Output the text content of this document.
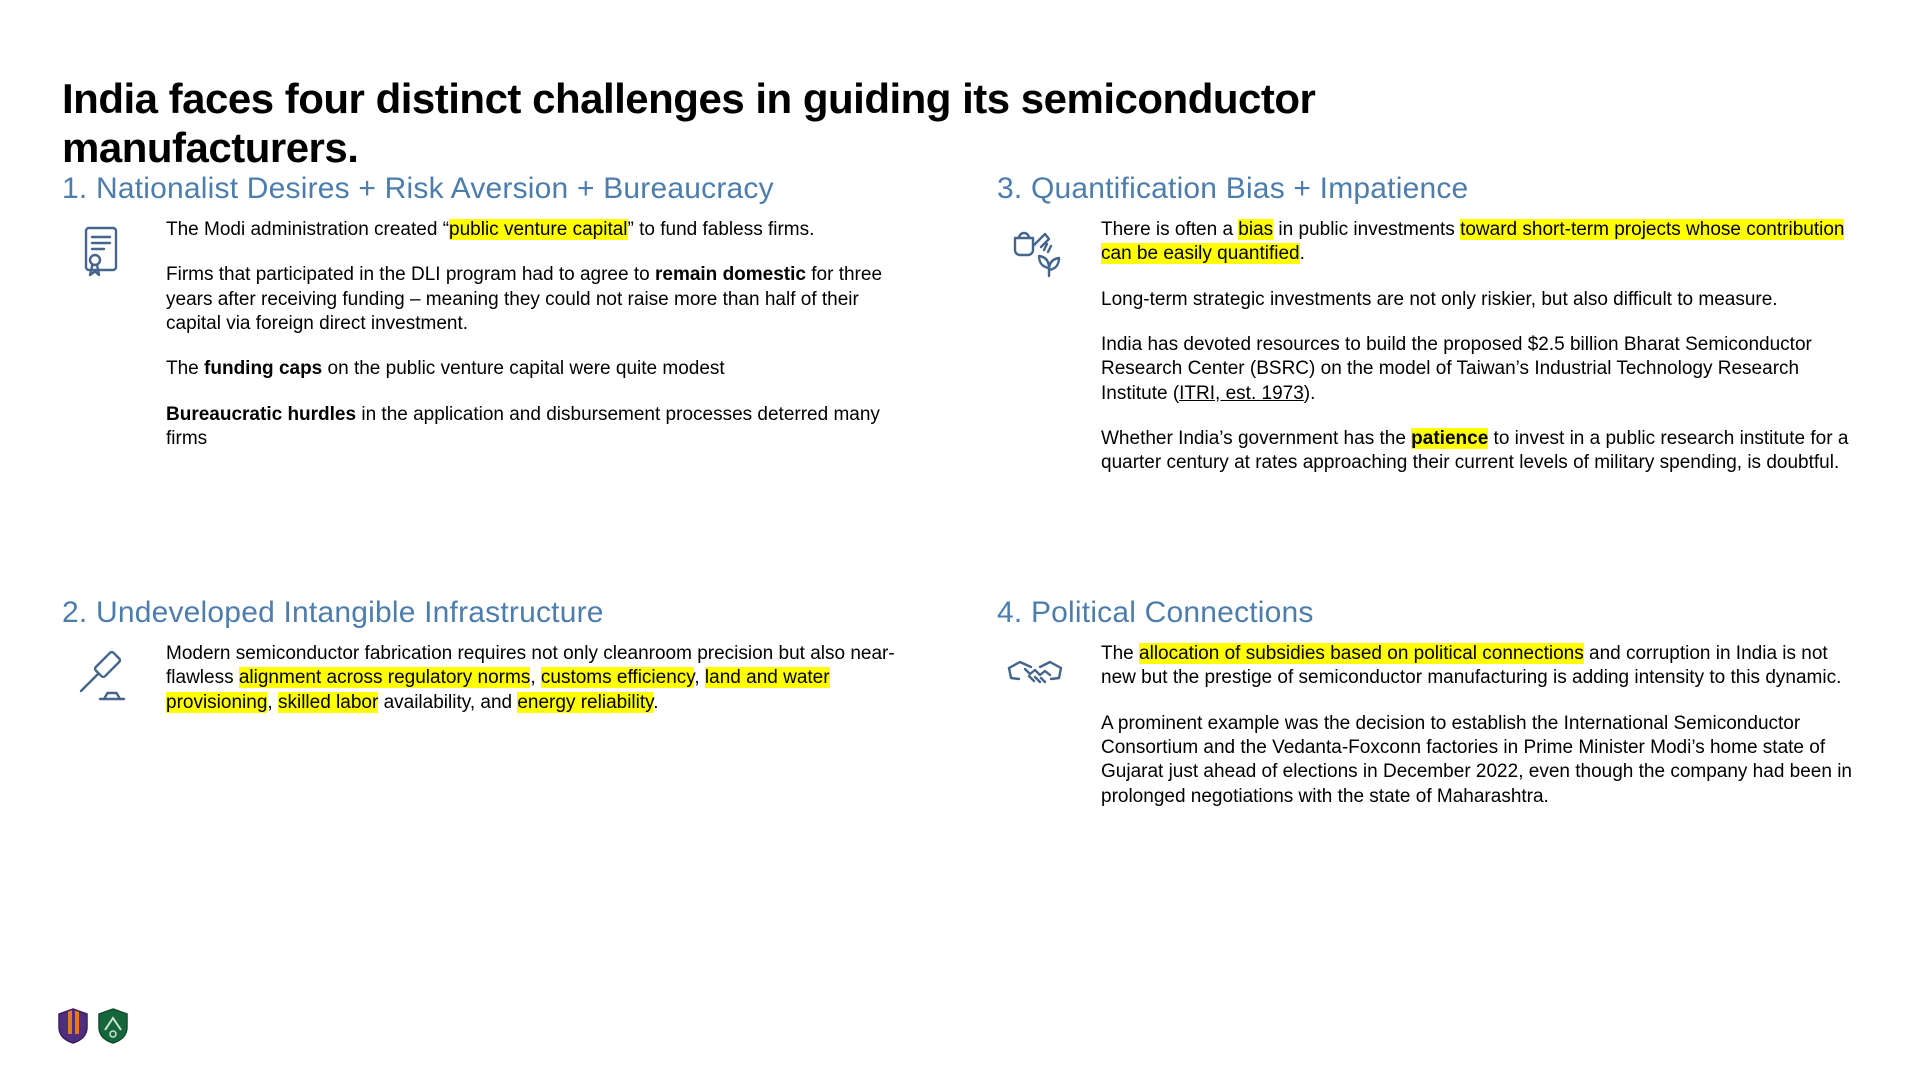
India faces four distinct challenges in guiding its semiconductor manufacturers.
1. Nationalist Desires + Risk Aversion + Bureaucracy

The Modi administration created “public venture capital” to fund fabless firms.

Firms that participated in the DLI program had to agree to remain domestic for three years after receiving funding – meaning they could not raise more than half of their capital via foreign direct investment.

The funding caps on the public venture capital were quite modest

Bureaucratic hurdles in the application and disbursement processes deterred many firms

3. Quantification Bias + Impatience

There is often a bias in public investments toward short-term projects whose contribution can be easily quantified.

Long-term strategic investments are not only riskier, but also difficult to measure.

India has devoted resources to build the proposed $2.5 billion Bharat Semiconductor Research Center (BSRC) on the model of Taiwan’s Industrial Technology Research Institute (ITRI, est. 1973).

Whether India’s government has the patience to invest in a public research institute for a quarter century at rates approaching their current levels of military spending, is doubtful.

2. Undeveloped Intangible Infrastructure

Modern semiconductor fabrication requires not only cleanroom precision but also near-flawless alignment across regulatory norms, customs efficiency, land and water provisioning, skilled labor availability, and energy reliability.

4. Political Connections

The allocation of subsidies based on political connections and corruption in India is not new but the prestige of semiconductor manufacturing is adding intensity to this dynamic.

A prominent example was the decision to establish the International Semiconductor Consortium and the Vedanta-Foxconn factories in Prime Minister Modi’s home state of Gujarat just ahead of elections in December 2022, even though the company had been in prolonged negotiations with the state of Maharashtra.
